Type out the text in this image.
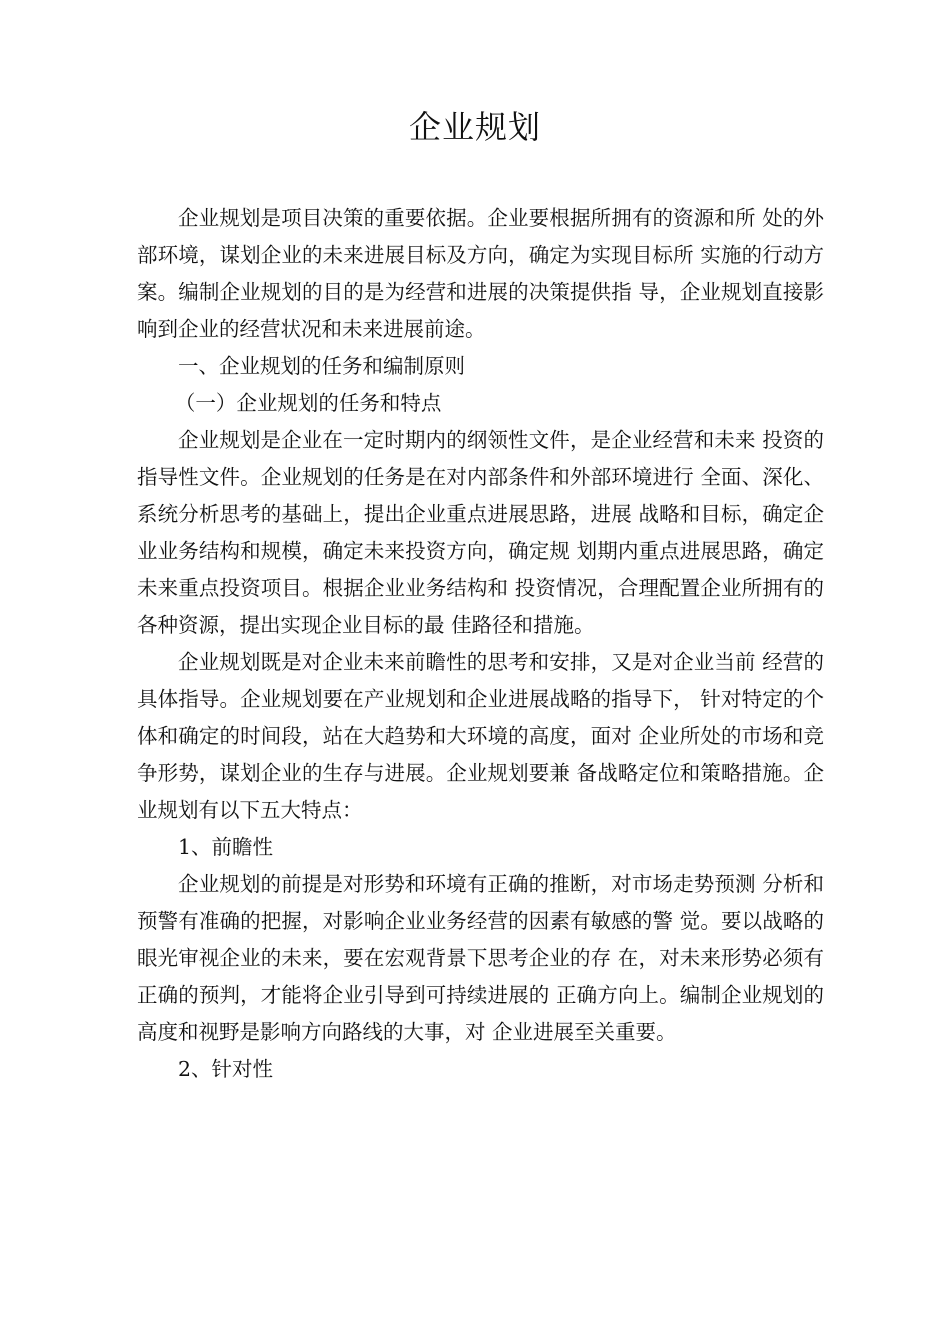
企业规划

企业规划是项目决策的重要依据。企业要根据所拥有的资源和所 处的外部环境，谋划企业的未来进展目标及方向，确定为实现目标所 实施的行动方案。编制企业规划的目的是为经营和进展的决策提供指 导，企业规划直接影响到企业的经营状况和未来进展前途。

一、企业规划的任务和编制原则

（一）企业规划的任务和特点

企业规划是企业在一定时期内的纲领性文件，是企业经营和未来 投资的指导性文件。企业规划的任务是在对内部条件和外部环境进行 全面、深化、系统分析思考的基础上，提出企业重点进展思路，进展 战略和目标，确定企业业务结构和规模，确定未来投资方向，确定规 划期内重点进展思路，确定未来重点投资项目。根据企业业务结构和 投资情况，合理配置企业所拥有的各种资源，提出实现企业目标的最 佳路径和措施。

企业规划既是对企业未来前瞻性的思考和安排，又是对企业当前 经营的具体指导。企业规划要在产业规划和企业进展战略的指导下， 针对特定的个体和确定的时间段，站在大趋势和大环境的高度，面对 企业所处的市场和竞争形势，谋划企业的生存与进展。企业规划要兼 备战略定位和策略措施。企业规划有以下五大特点：

1、前瞻性

企业规划的前提是对形势和环境有正确的推断，对市场走势预测 分析和预警有准确的把握，对影响企业业务经营的因素有敏感的警 觉。要以战略的眼光审视企业的未来，要在宏观背景下思考企业的存 在，对未来形势必须有正确的预判，才能将企业引导到可持续进展的 正确方向上。编制企业规划的高度和视野是影响方向路线的大事，对 企业进展至关重要。

2、针对性
